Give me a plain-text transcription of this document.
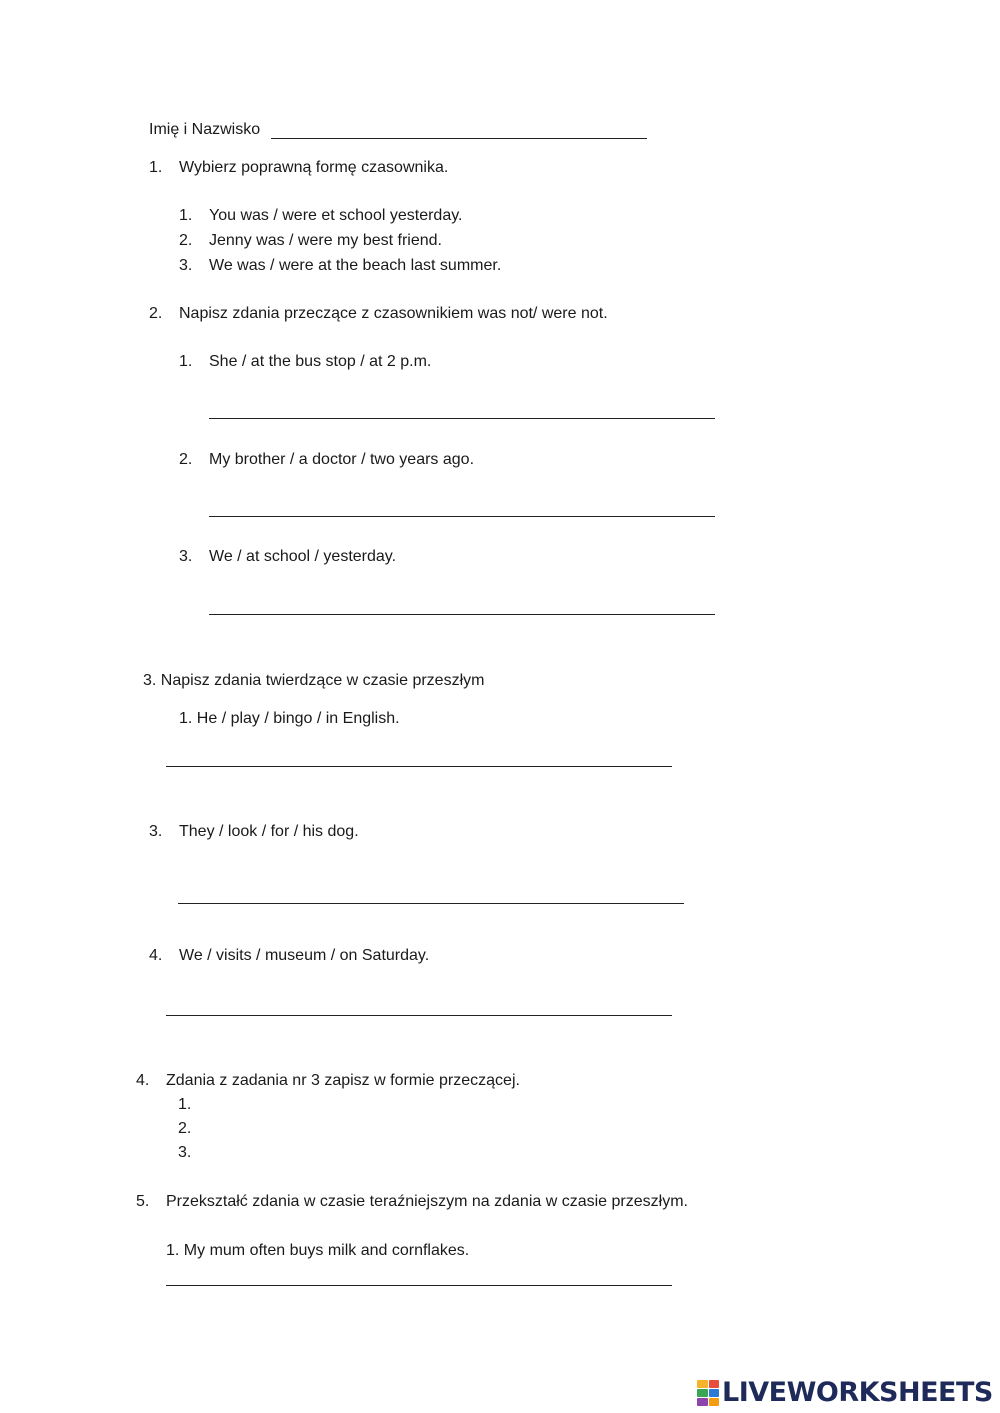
Imię i Nazwisko
1. Wybierz poprawną formę czasownika.
1. You was / were et school yesterday.
2. Jenny was / were my best friend.
3. We was / were at the beach last summer.
2. Napisz zdania przeczące z czasownikiem was not/ were not.
1. She / at the bus stop / at 2 p.m.
2. My brother / a doctor / two years ago.
3. We / at school / yesterday.
3. Napisz zdania twierdzące w czasie przeszłym
1. He / play / bingo / in English.
3. They / look / for / his dog.
4. We / visits / museum / on Saturday.
4. Zdania z zadania nr 3 zapisz w formie przeczącej.
1.
2.
3.
5. Przekształć zdania w czasie teraźniejszym na zdania w czasie przeszłym.
1. My mum often buys milk and cornflakes.
LIVEWORKSHEETS
